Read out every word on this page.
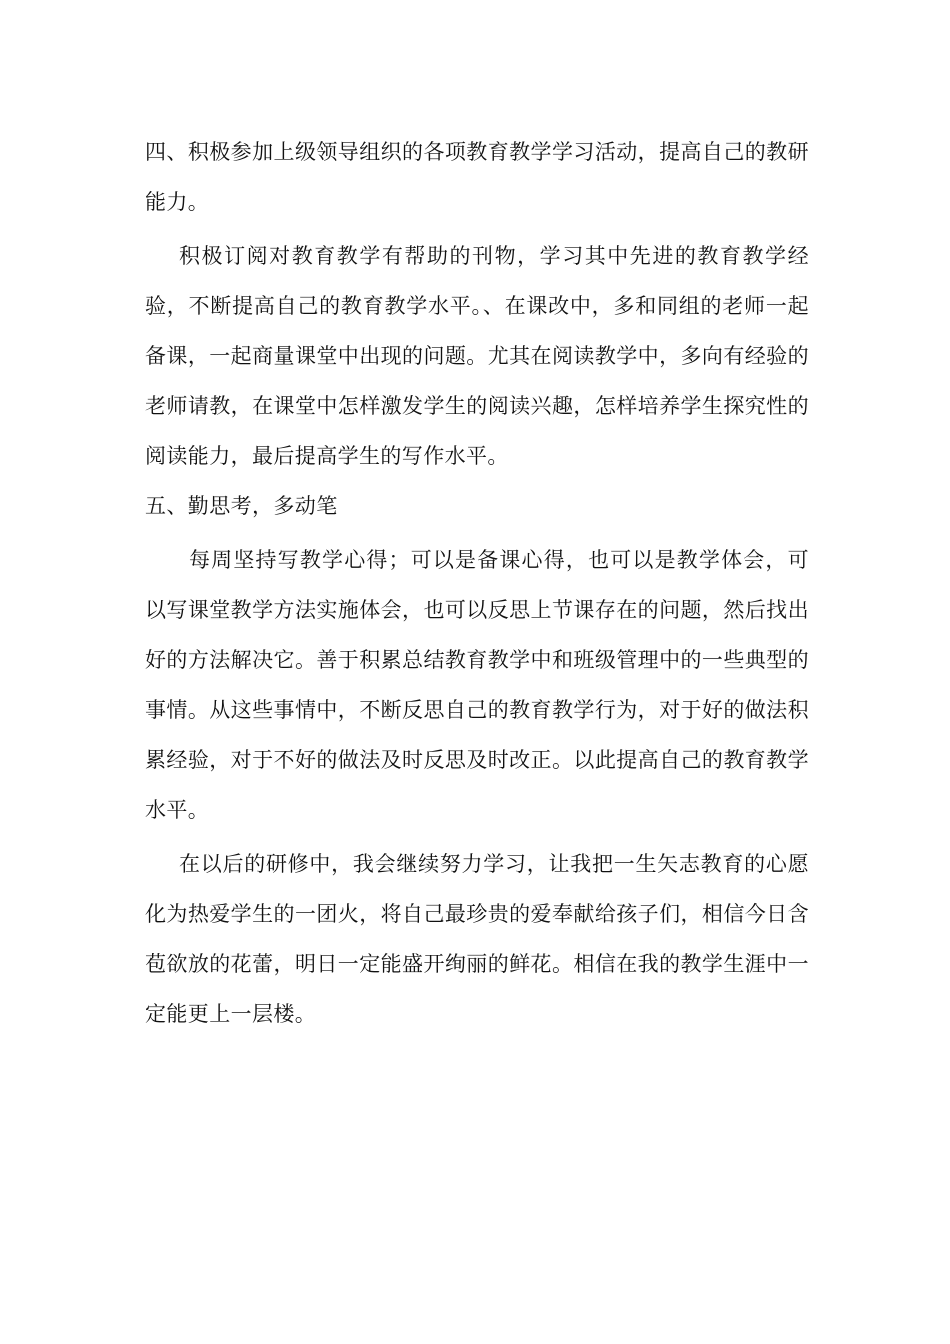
四、积极参加上级领导组织的各项教育教学学习活动，提高自己的教研能力。

积极订阅对教育教学有帮助的刊物，学习其中先进的教育教学经验，不断提高自己的教育教学水平。、在课改中，多和同组的老师一起备课，一起商量课堂中出现的问题。尤其在阅读教学中，多向有经验的老师请教，在课堂中怎样激发学生的阅读兴趣，怎样培养学生探究性的阅读能力，最后提高学生的写作水平。

五、勤思考，多动笔

每周坚持写教学心得；可以是备课心得，也可以是教学体会，可以写课堂教学方法实施体会，也可以反思上节课存在的问题，然后找出好的方法解决它。善于积累总结教育教学中和班级管理中的一些典型的事情。从这些事情中，不断反思自己的教育教学行为，对于好的做法积累经验，对于不好的做法及时反思及时改正。以此提高自己的教育教学水平。

在以后的研修中，我会继续努力学习，让我把一生矢志教育的心愿化为热爱学生的一团火，将自己最珍贵的爱奉献给孩子们，相信今日含苞欲放的花蕾，明日一定能盛开绚丽的鲜花。相信在我的教学生涯中一定能更上一层楼。
